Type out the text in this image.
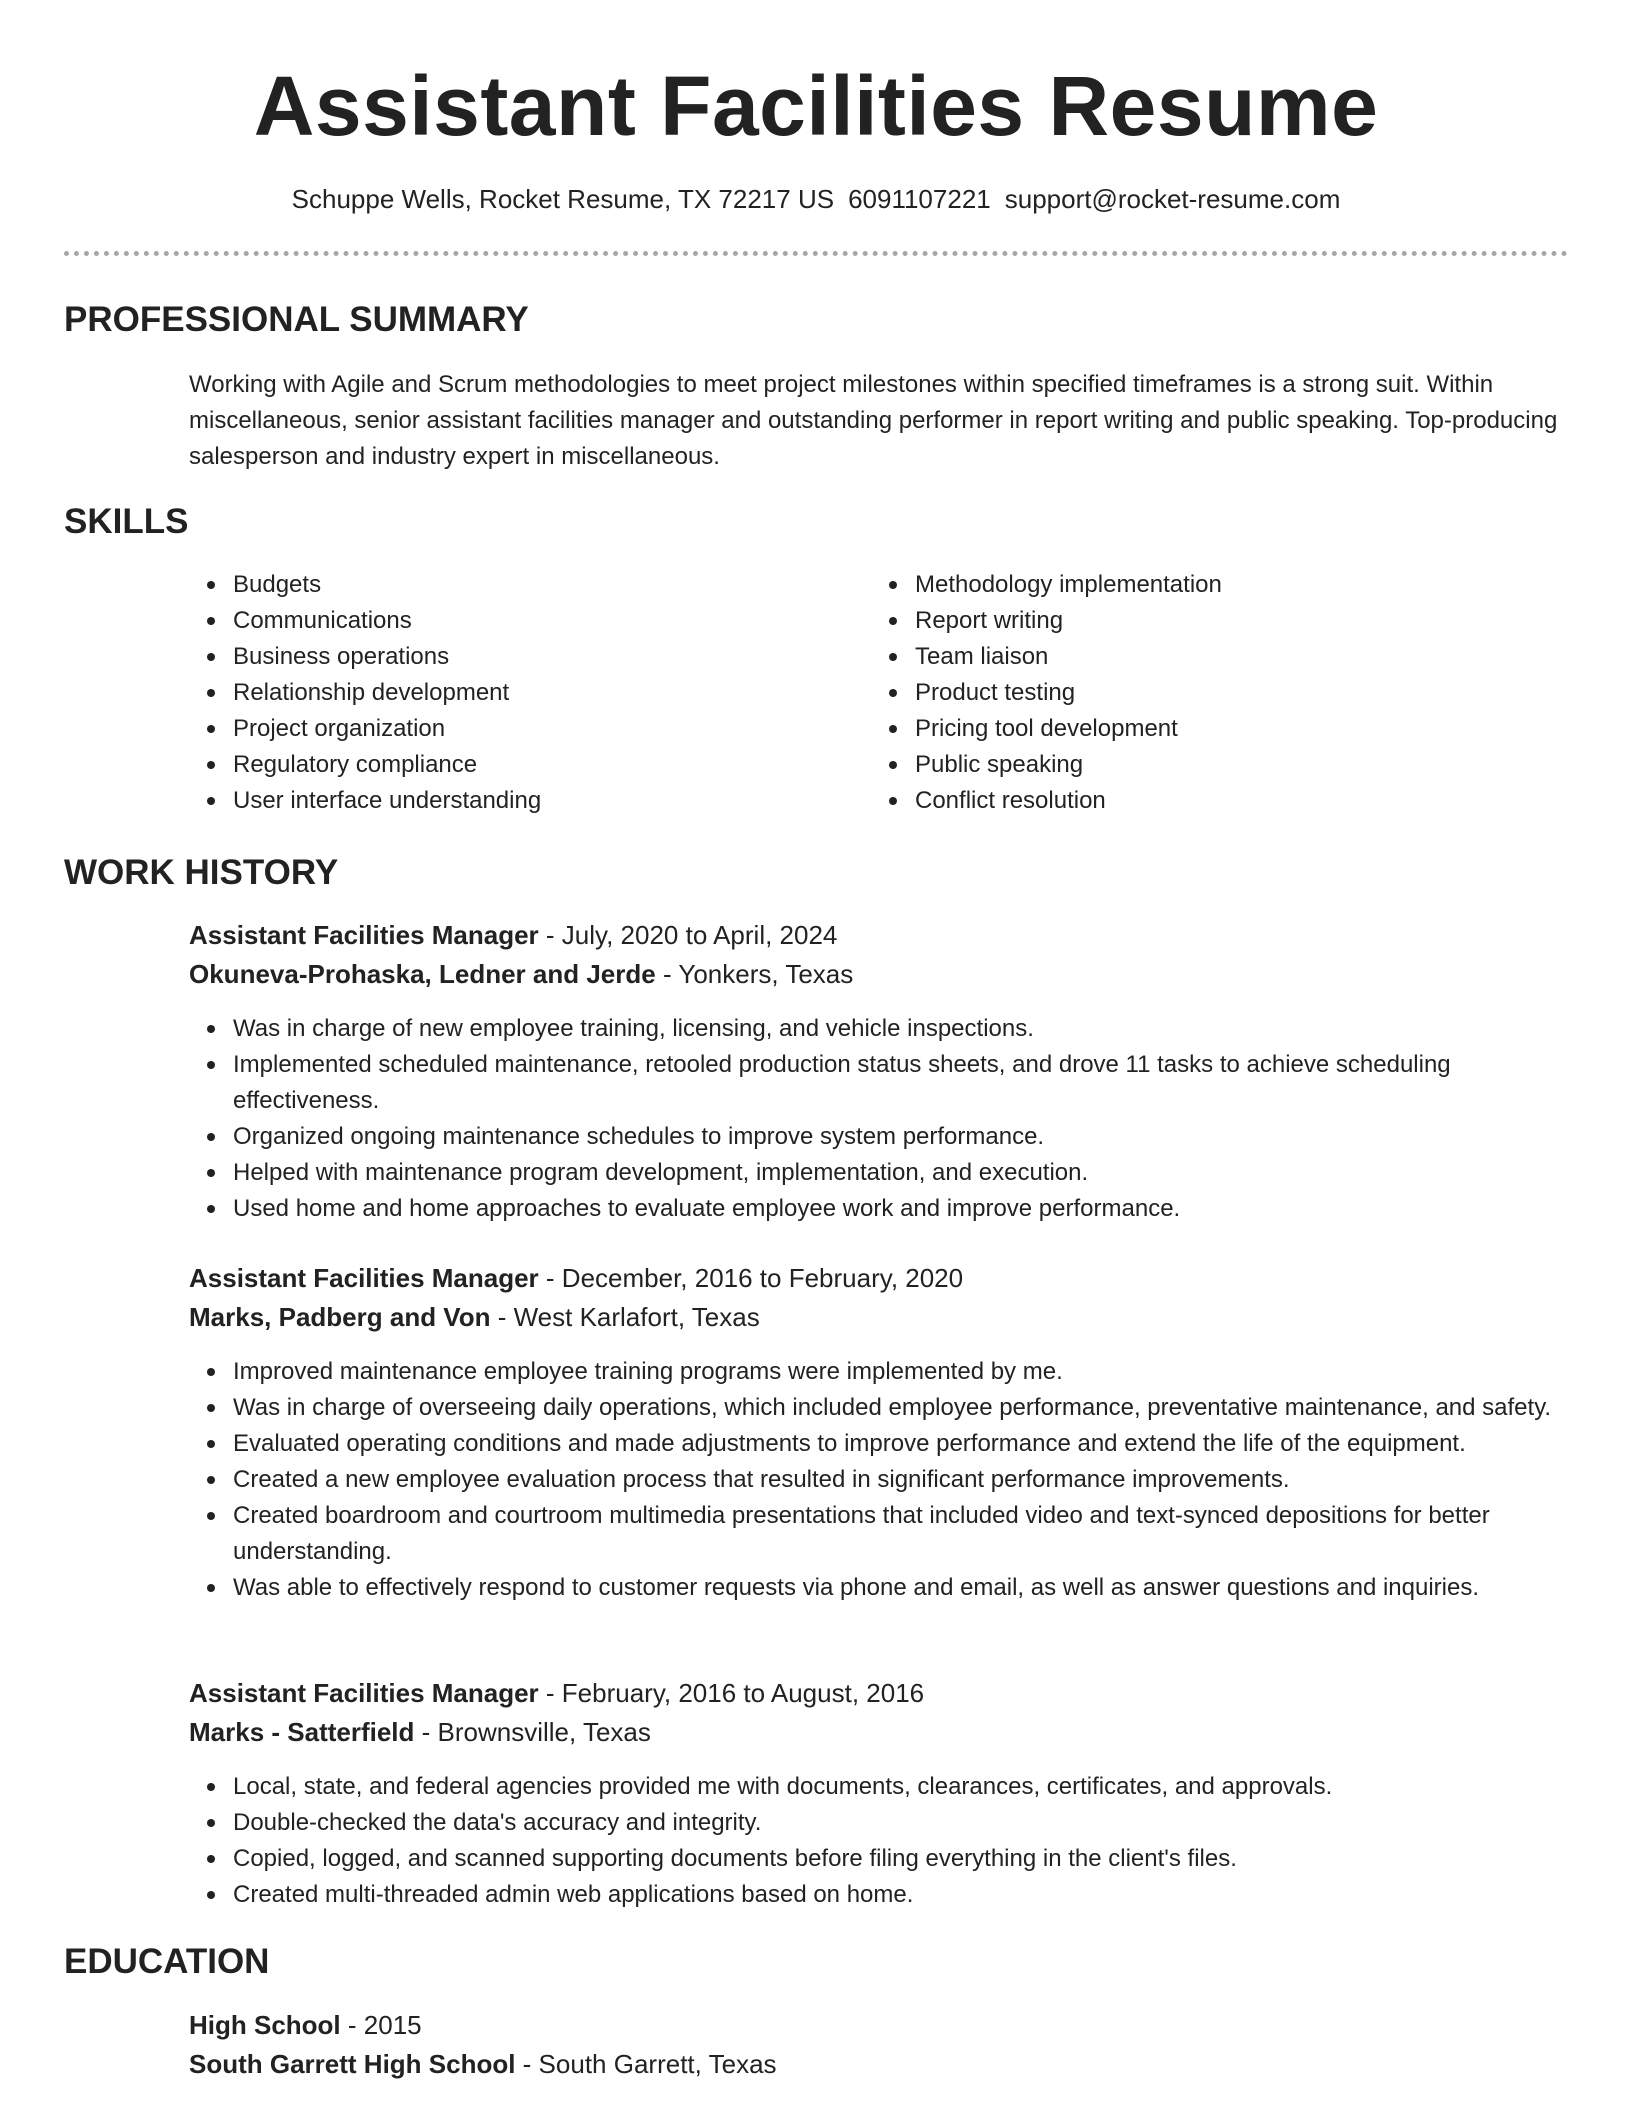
Assistant Facilities Resume
Schuppe Wells, Rocket Resume, TX 72217 US 6091107221 support@rocket-resume.com
PROFESSIONAL SUMMARY

Working with Agile and Scrum methodologies to meet project milestones within specified timeframes is a strong suit. Within miscellaneous, senior assistant facilities manager and outstanding performer in report writing and public speaking. Top-producing salesperson and industry expert in miscellaneous.

SKILLS
Budgets
Communications
Business operations
Relationship development
Project organization
Regulatory compliance
User interface understanding
Methodology implementation
Report writing
Team liaison
Product testing
Pricing tool development
Public speaking
Conflict resolution
WORK HISTORY
Assistant Facilities Manager - July, 2020 to April, 2024
Okuneva-Prohaska, Ledner and Jerde - Yonkers, Texas
Was in charge of new employee training, licensing, and vehicle inspections.
Implemented scheduled maintenance, retooled production status sheets, and drove 11 tasks to achieve scheduling effectiveness.
Organized ongoing maintenance schedules to improve system performance.
Helped with maintenance program development, implementation, and execution.
Used home and home approaches to evaluate employee work and improve performance.
Assistant Facilities Manager - December, 2016 to February, 2020
Marks, Padberg and Von - West Karlafort, Texas
Improved maintenance employee training programs were implemented by me.
Was in charge of overseeing daily operations, which included employee performance, preventative maintenance, and safety.
Evaluated operating conditions and made adjustments to improve performance and extend the life of the equipment.
Created a new employee evaluation process that resulted in significant performance improvements.
Created boardroom and courtroom multimedia presentations that included video and text-synced depositions for better understanding.
Was able to effectively respond to customer requests via phone and email, as well as answer questions and inquiries.
Assistant Facilities Manager - February, 2016 to August, 2016
Marks - Satterfield - Brownsville, Texas
Local, state, and federal agencies provided me with documents, clearances, certificates, and approvals.
Double-checked the data's accuracy and integrity.
Copied, logged, and scanned supporting documents before filing everything in the client's files.
Created multi-threaded admin web applications based on home.
EDUCATION
High School - 2015
South Garrett High School - South Garrett, Texas
